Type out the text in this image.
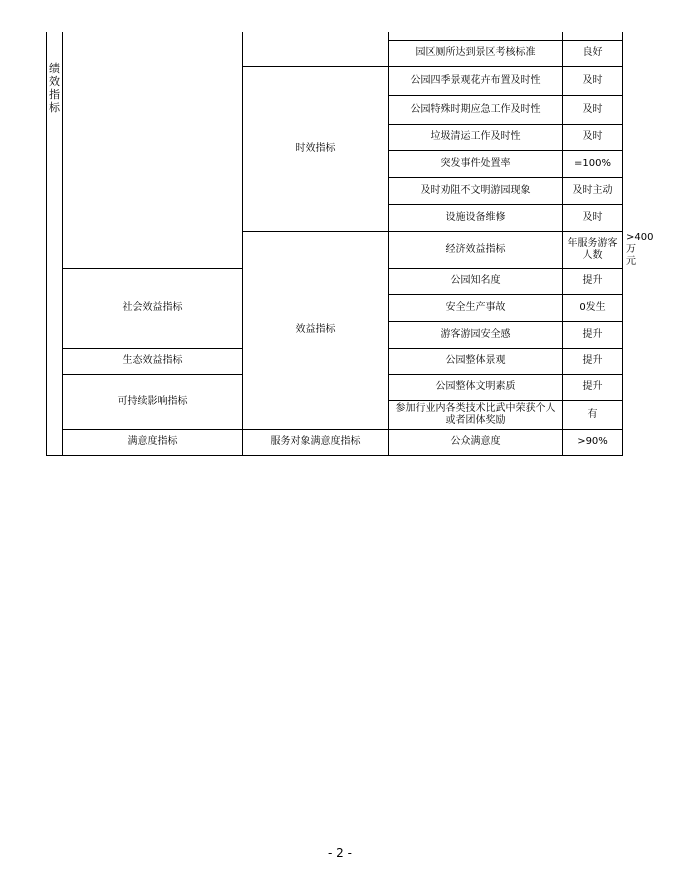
绩效指标					
			园区厕所达到景区考核标准	良好	
		时效指标	公园四季景观花卉布置及时性	及时	
			公园特殊时期应急工作及时性	及时	
			垃圾清运工作及时性	及时	
			突发事件处置率	=100%	
			及时劝阻不文明游园现象	及时主动	
			设施设备维修	及时	
		效益指标	经济效益指标	年服务游客人数	>400万元
	社会效益指标		公园知名度	提升	
			安全生产事故	0发生	
			游客游园安全感	提升	
	生态效益指标		公园整体景观	提升	
	可持续影响指标		公园整体文明素质	提升	
			参加行业内各类技术比武中荣获个人或者团体奖励	有	
	满意度指标	服务对象满意度指标	公众满意度	>90%	
- 2 -
